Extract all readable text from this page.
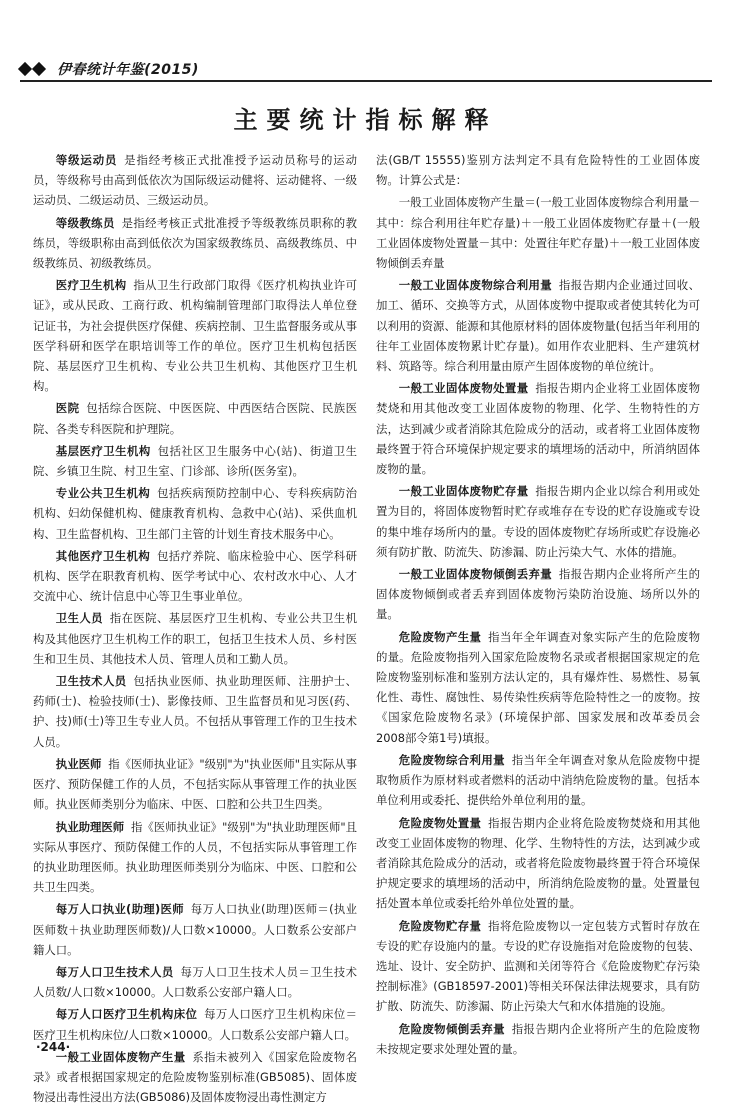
伊春统计年鉴(2015)
主要统计指标解释

等级运动员 是指经考核正式批准授予运动员称号的运动员，等级称号由高到低依次为国际级运动健将、运动健将、一级运动员、二级运动员、三级运动员。

等级教练员 是指经考核正式批准授予等级教练员职称的教练员，等级职称由高到低依次为国家级教练员、高级教练员、中级教练员、初级教练员。

医疗卫生机构 指从卫生行政部门取得《医疗机构执业许可证》，或从民政、工商行政、机构编制管理部门取得法人单位登记证书，为社会提供医疗保健、疾病控制、卫生监督服务或从事医学科研和医学在职培训等工作的单位。医疗卫生机构包括医院、基层医疗卫生机构、专业公共卫生机构、其他医疗卫生机构。

医院 包括综合医院、中医医院、中西医结合医院、民族医院、各类专科医院和护理院。

基层医疗卫生机构 包括社区卫生服务中心(站)、街道卫生院、乡镇卫生院、村卫生室、门诊部、诊所(医务室)。

专业公共卫生机构 包括疾病预防控制中心、专科疾病防治机构、妇幼保健机构、健康教育机构、急救中心(站)、采供血机构、卫生监督机构、卫生部门主管的计划生育技术服务中心。

其他医疗卫生机构 包括疗养院、临床检验中心、医学科研机构、医学在职教育机构、医学考试中心、农村改水中心、人才交流中心、统计信息中心等卫生事业单位。

卫生人员 指在医院、基层医疗卫生机构、专业公共卫生机构及其他医疗卫生机构工作的职工，包括卫生技术人员、乡村医生和卫生员、其他技术人员、管理人员和工勤人员。

卫生技术人员 包括执业医师、执业助理医师、注册护士、药师(士)、检验技师(士)、影像技师、卫生监督员和见习医(药、护、技)师(士)等卫生专业人员。不包括从事管理工作的卫生技术人员。

执业医师 指《医师执业证》"级别"为"执业医师"且实际从事医疗、预防保健工作的人员，不包括实际从事管理工作的执业医师。执业医师类别分为临床、中医、口腔和公共卫生四类。

执业助理医师 指《医师执业证》"级别"为"执业助理医师"且实际从事医疗、预防保健工作的人员，不包括实际从事管理工作的执业助理医师。执业助理医师类别分为临床、中医、口腔和公共卫生四类。

每万人口执业(助理)医师 每万人口执业(助理)医师＝(执业医师数＋执业助理医师数)/人口数×10000。人口数系公安部户籍人口。

每万人口卫生技术人员 每万人口卫生技术人员＝卫生技术人员数/人口数×10000。人口数系公安部户籍人口。

每万人口医疗卫生机构床位 每万人口医疗卫生机构床位＝医疗卫生机构床位/人口数×10000。人口数系公安部户籍人口。

一般工业固体废物产生量 系指未被列入《国家危险废物名录》或者根据国家规定的危险废物鉴别标准(GB5085)、固体废物浸出毒性浸出方法(GB5086)及固体废物浸出毒性测定方

法(GB/T 15555)鉴别方法判定不具有危险特性的工业固体废物。计算公式是：

一般工业固体废物产生量＝(一般工业固体废物综合利用量－其中：综合利用往年贮存量)＋一般工业固体废物贮存量＋(一般工业固体废物处置量－其中：处置往年贮存量)＋一般工业固体废物倾倒丢弃量

一般工业固体废物综合利用量 指报告期内企业通过回收、加工、循环、交换等方式，从固体废物中提取或者使其转化为可以利用的资源、能源和其他原材料的固体废物量(包括当年利用的往年工业固体废物累计贮存量)。如用作农业肥料、生产建筑材料、筑路等。综合利用量由原产生固体废物的单位统计。

一般工业固体废物处置量 指报告期内企业将工业固体废物焚烧和用其他改变工业固体废物的物理、化学、生物特性的方法，达到减少或者消除其危险成分的活动，或者将工业固体废物最终置于符合环境保护规定要求的填埋场的活动中，所消纳固体废物的量。

一般工业固体废物贮存量 指报告期内企业以综合利用或处置为目的，将固体废物暂时贮存或堆存在专设的贮存设施或专设的集中堆存场所内的量。专设的固体废物贮存场所或贮存设施必须有防扩散、防流失、防渗漏、防止污染大气、水体的措施。

一般工业固体废物倾倒丢弃量 指报告期内企业将所产生的固体废物倾倒或者丢弃到固体废物污染防治设施、场所以外的量。

危险废物产生量 指当年全年调查对象实际产生的危险废物的量。危险废物指列入国家危险废物名录或者根据国家规定的危险废物鉴别标准和鉴别方法认定的，具有爆炸性、易燃性、易氧化性、毒性、腐蚀性、易传染性疾病等危险特性之一的废物。按《国家危险废物名录》(环境保护部、国家发展和改革委员会2008部令第1号)填报。

危险废物综合利用量 指当年全年调查对象从危险废物中提取物质作为原材料或者燃料的活动中消纳危险废物的量。包括本单位利用或委托、提供给外单位利用的量。

危险废物处置量 指报告期内企业将危险废物焚烧和用其他改变工业固体废物的物理、化学、生物特性的方法，达到减少或者消除其危险成分的活动，或者将危险废物最终置于符合环境保护规定要求的填埋场的活动中，所消纳危险废物的量。处置量包括处置本单位或委托给外单位处置的量。

危险废物贮存量 指将危险废物以一定包装方式暂时存放在专设的贮存设施内的量。专设的贮存设施指对危险废物的包装、选址、设计、安全防护、监测和关闭等符合《危险废物贮存污染控制标准》(GB18597-2001)等相关环保法律法规要求，具有防扩散、防流失、防渗漏、防止污染大气和水体措施的设施。

危险废物倾倒丢弃量 指报告期内企业将所产生的危险废物未按规定要求处理处置的量。

·244·
